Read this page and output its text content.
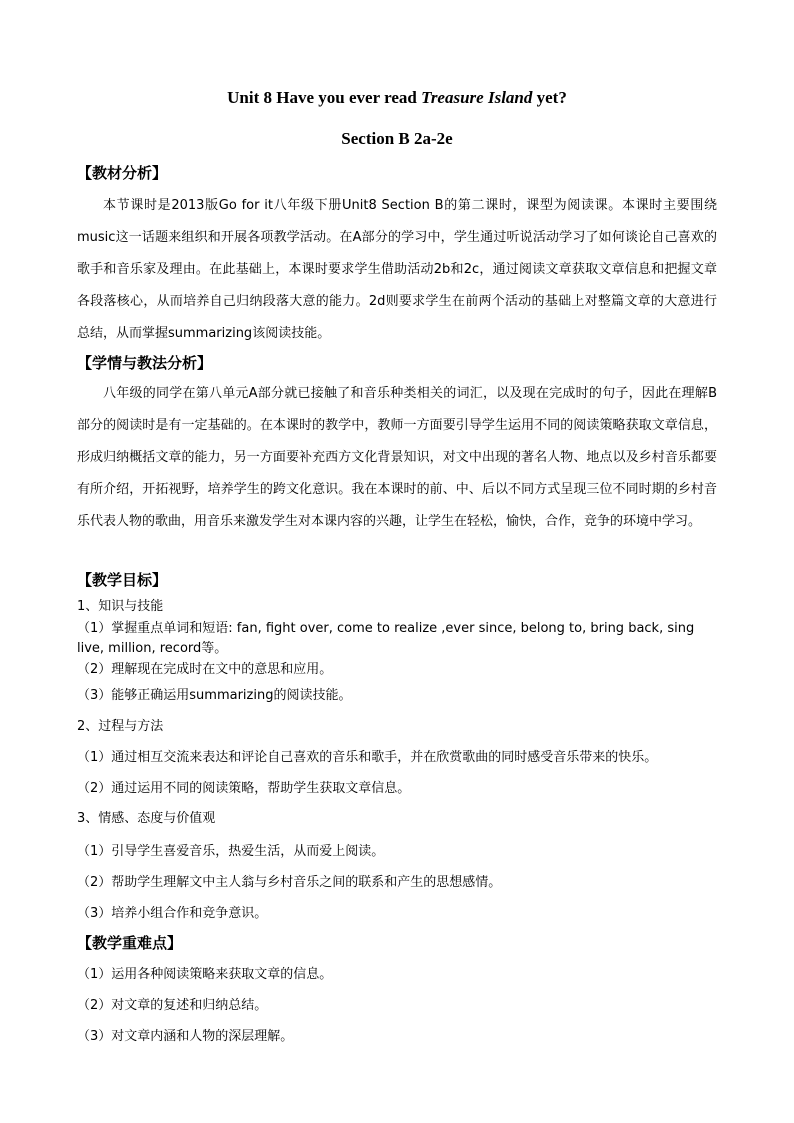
Unit 8 Have you ever read Treasure Island yet?
Section B 2a-2e
【教材分析】

本节课时是2013版Go for it八年级下册Unit8 Section B的第二课时，课型为阅读课。本课时主要围绕music这一话题来组织和开展各项教学活动。在A部分的学习中，学生通过听说活动学习了如何谈论自己喜欢的歌手和音乐家及理由。在此基础上，本课时要求学生借助活动2b和2c，通过阅读文章获取文章信息和把握文章各段落核心，从而培养自己归纳段落大意的能力。2d则要求学生在前两个活动的基础上对整篇文章的大意进行总结，从而掌握summarizing该阅读技能。

【学情与教法分析】

八年级的同学在第八单元A部分就已接触了和音乐种类相关的词汇，以及现在完成时的句子，因此在理解B部分的阅读时是有一定基础的。在本课时的教学中，教师一方面要引导学生运用不同的阅读策略获取文章信息，形成归纳概括文章的能力，另一方面要补充西方文化背景知识，对文中出现的著名人物、地点以及乡村音乐都要有所介绍，开拓视野，培养学生的跨文化意识。我在本课时的前、中、后以不同方式呈现三位不同时期的乡村音乐代表人物的歌曲，用音乐来激发学生对本课内容的兴趣，让学生在轻松，愉快，合作，竞争的环境中学习。

【教学目标】
1、知识与技能

（1）掌握重点单词和短语: fan, fight over, come to realize ,ever since, belong to, bring back, sing live, million, record等。

（2）理解现在完成时在文中的意思和应用。
（3）能够正确运用summarizing的阅读技能。
2、过程与方法
（1）通过相互交流来表达和评论自己喜欢的音乐和歌手，并在欣赏歌曲的同时感受音乐带来的快乐。
（2）通过运用不同的阅读策略，帮助学生获取文章信息。
3、情感、态度与价值观
（1）引导学生喜爱音乐，热爱生活，从而爱上阅读。
（2）帮助学生理解文中主人翁与乡村音乐之间的联系和产生的思想感情。
（3）培养小组合作和竞争意识。
【教学重难点】
（1）运用各种阅读策略来获取文章的信息。
（2）对文章的复述和归纳总结。
（3）对文章内涵和人物的深层理解。
